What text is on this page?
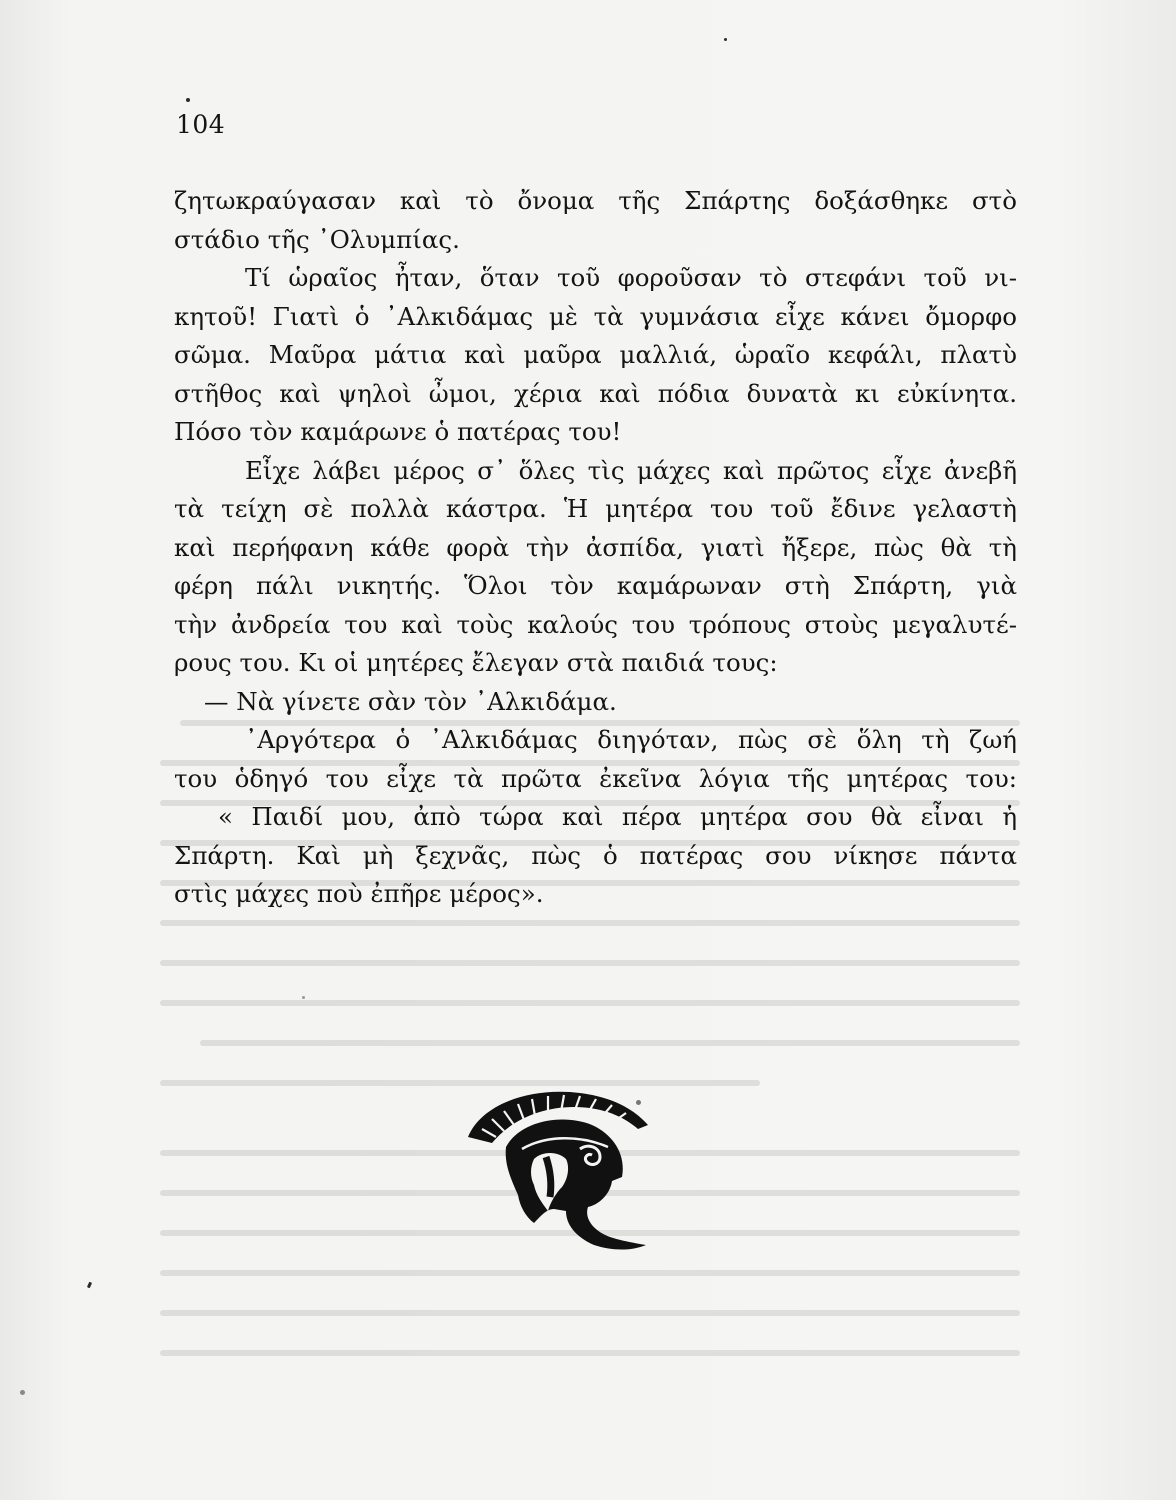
104
ζητωκραύγασαν καὶ τὸ ὄνομα τῆς Σπάρτης δοξάσθηκε στὸ
στάδιο τῆς ᾿Ολυμπίας.
Τί ὡραῖος ἦταν, ὅταν τοῦ φοροῦσαν τὸ στεφάνι τοῦ νι-
κητοῦ! Γιατὶ ὁ ᾿Αλκιδάμας μὲ τὰ γυμνάσια εἶχε κάνει ὄμορφο
σῶμα. Μαῦρα μάτια καὶ μαῦρα μαλλιά, ὡραῖο κεφάλι, πλατὺ
στῆθος καὶ ψηλοὶ ὦμοι, χέρια καὶ πόδια δυνατὰ κι εὐκίνητα.
Πόσο τὸν καμάρωνε ὁ πατέρας του!
Εἶχε λάβει μέρος σ᾿ ὅλες τὶς μάχες καὶ πρῶτος εἶχε ἀνεβῆ
τὰ τείχη σὲ πολλὰ κάστρα. Ἡ μητέρα του τοῦ ἔδινε γελαστὴ
καὶ περήφανη κάθε φορὰ τὴν ἀσπίδα, γιατὶ ἤξερε, πὼς θὰ τὴ
φέρη πάλι νικητής. Ὅλοι τὸν καμάρωναν στὴ Σπάρτη, γιὰ
τὴν ἀνδρεία του καὶ τοὺς καλούς του τρόπους στοὺς μεγαλυτέ-
ρους του. Κι οἱ μητέρες ἔλεγαν στὰ παιδιά τους:
— Νὰ γίνετε σὰν τὸν ᾿Αλκιδάμα.
᾿Αργότερα ὁ ᾿Αλκιδάμας διηγόταν, πὼς σὲ ὅλη τὴ ζωή
του ὁδηγό του εἶχε τὰ πρῶτα ἐκεῖνα λόγια τῆς μητέρας του:
« Παιδί μου, ἀπὸ τώρα καὶ πέρα μητέρα σου θὰ εἶναι ἡ
Σπάρτη. Καὶ μὴ ξεχνᾶς, πὼς ὁ πατέρας σου νίκησε πάντα
στὶς μάχες ποὺ ἐπῆρε μέρος».
